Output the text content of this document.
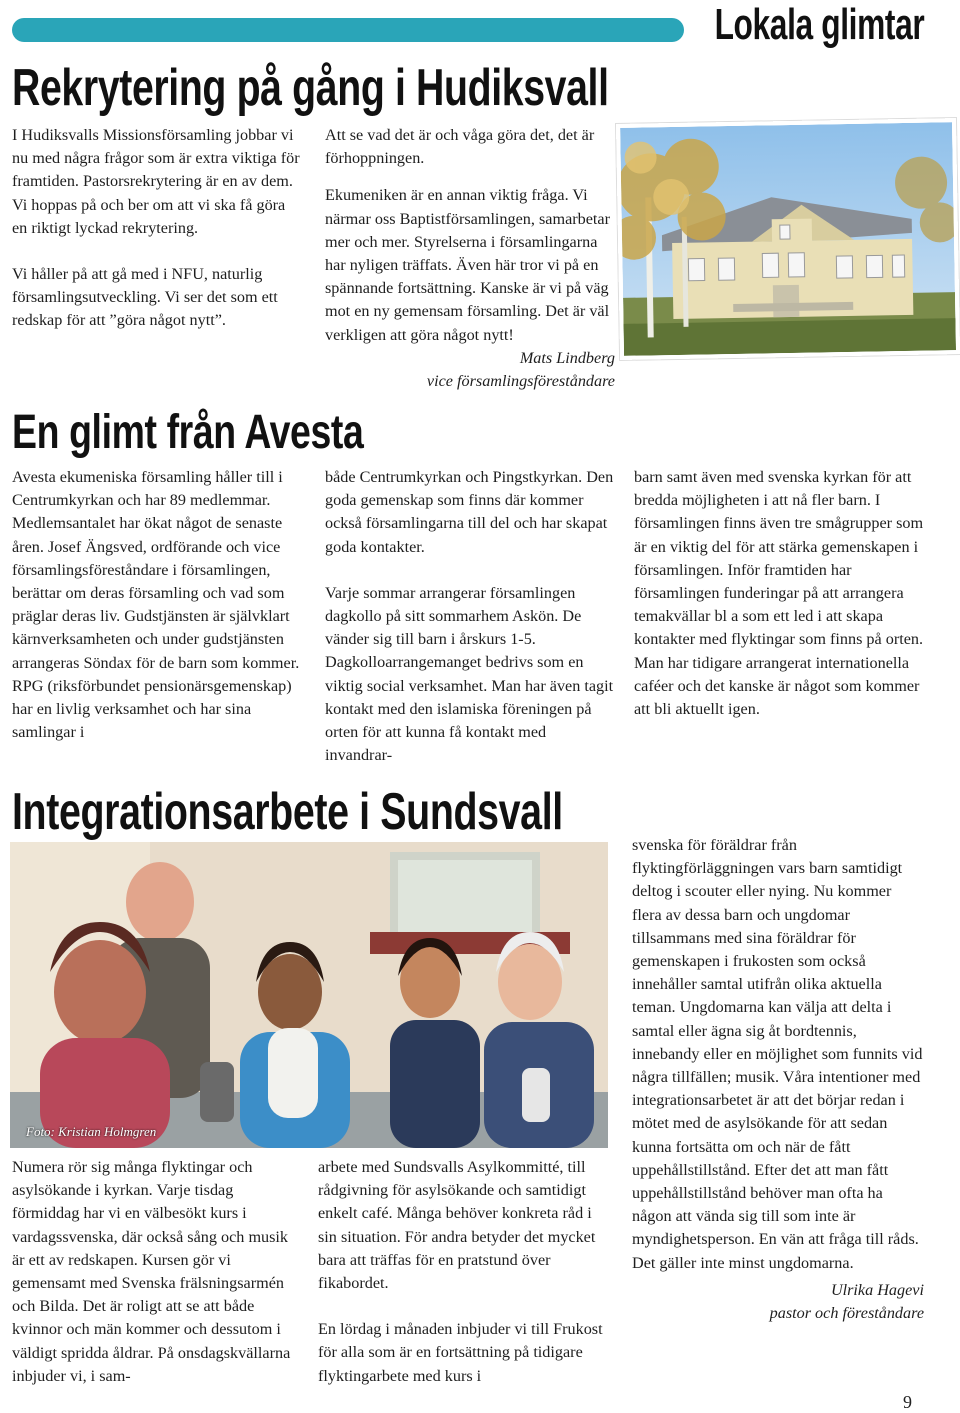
Lokala glimtar
Rekrytering på gång i Hudiksvall

I Hudiksvalls Missionsförsamling jobbar vi nu med några frågor som är extra viktiga för framtiden. Pastorsrekrytering är en av dem. Vi hoppas på och ber om att vi ska få göra en riktigt lyckad rekrytering.

Vi håller på att gå med i NFU, naturlig församlingsutveckling. Vi ser det som ett redskap för att ”göra något nytt”.

Att se vad det är och våga göra det, det är förhoppningen.

Ekumeniken är en annan viktig fråga. Vi närmar oss Baptistförsamlingen, samarbetar mer och mer. Styrelserna i församlingarna har nyligen träffats. Även här tror vi på en spännande fortsättning. Kanske är vi på väg mot en ny gemensam församling. Det är väl verkligen att göra något nytt!

Mats Lindberg

vice församlingsföreståndare

En glimt från Avesta

Avesta ekumeniska församling håller till i Centrumkyrkan och har 89 medlemmar. Medlemsantalet har ökat något de senaste åren. Josef Ängsved, ordförande och vice församlingsföreståndare i församlingen, berättar om deras församling och vad som präglar deras liv. Gudstjänsten är självklart kärnverksamheten och under gudstjänsten arrangeras Söndax för de barn som kommer. RPG (riksförbundet pensionärsgemenskap) har en livlig verksamhet och har sina samlingar i

både Centrumkyrkan och Pingstkyrkan. Den goda gemenskap som finns där kommer också församlingarna till del och har skapat goda kontakter.

Varje sommar arrangerar församlingen dagkollo på sitt sommarhem Askön. De vänder sig till barn i årskurs 1-5. Dagkolloarrangemanget bedrivs som en viktig social verksamhet. Man har även tagit kontakt med den islamiska föreningen på orten för att kunna få kontakt med invandrar-

barn samt även med svenska kyrkan för att bredda möjligheten i att nå fler barn. I församlingen finns även tre smågrupper som är en viktig del för att stärka gemenskapen i församlingen. Inför framtiden har församlingen funderingar på att arrangera temakvällar bl a som ett led i att skapa kontakter med flyktingar som finns på orten. Man har tidigare arrangerat internationella caféer och det kanske är något som kommer att bli aktuellt igen.

Integrationsarbete i Sundsvall
Foto: Kristian Holmgren

Numera rör sig många flyktingar och asylsökande i kyrkan. Varje tisdag förmiddag har vi en välbesökt kurs i vardagssvenska, där också sång och musik är ett av redskapen. Kursen gör vi gemensamt med Svenska frälsningsarmén och Bilda. Det är roligt att se att både kvinnor och män kommer och dessutom i väldigt spridda åldrar. På onsdagskvällarna inbjuder vi, i sam-

arbete med Sundsvalls Asylkommitté, till rådgivning för asylsökande och samtidigt enkelt café. Många behöver konkreta råd i sin situation. För andra betyder det mycket bara att träffas för en pratstund över fikabordet.

En lördag i månaden inbjuder vi till Frukost för alla som är en fortsättning på tidigare flyktingarbete med kurs i

svenska för föräldrar från flyktingförläggningen vars barn samtidigt deltog i scouter eller nying. Nu kommer flera av dessa barn och ungdomar tillsammans med sina föräldrar för gemenskapen i frukosten som också innehåller samtal utifrån olika aktuella teman. Ungdomarna kan välja att delta i samtal eller ägna sig åt bordtennis, innebandy eller en möjlighet som funnits vid några tillfällen; musik. Våra intentioner med integrationsarbetet är att det börjar redan i mötet med de asylsökande för att sedan kunna fortsätta om och när de fått uppehållstillstånd. Efter det att man fått uppehållstillstånd behöver man ofta ha någon att vända sig till som inte är myndighetsperson. En vän att fråga till råds. Det gäller inte minst ungdomarna.

Ulrika Hagevi

pastor och föreståndare

9
